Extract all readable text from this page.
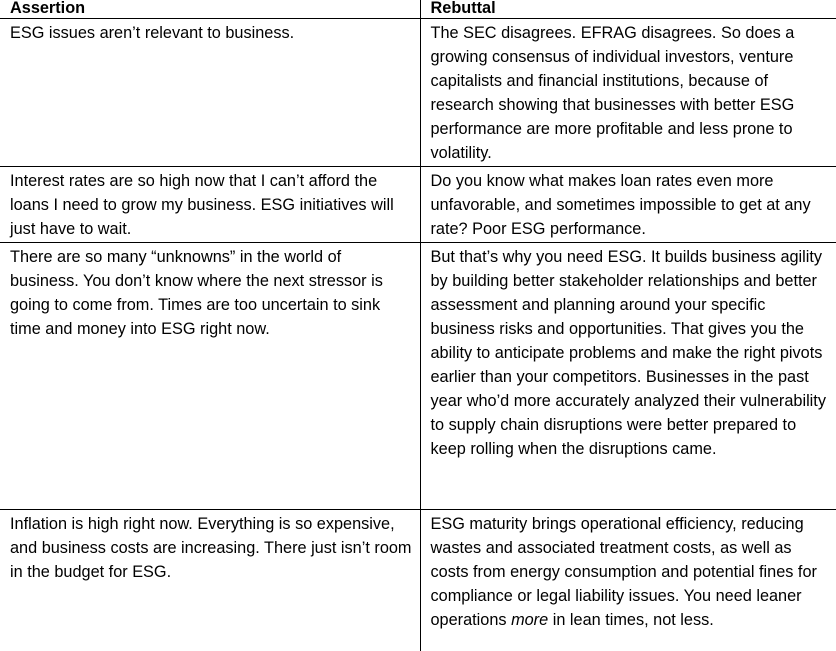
Assertion	Rebuttal
ESG issues aren’t relevant to business.	The SEC disagrees. EFRAG disagrees. So does a growing consensus of individual investors, venture capitalists and financial institutions, because of research showing that businesses with better ESG performance are more profitable and less prone to volatility.
Interest rates are so high now that I can’t afford the loans I need to grow my business. ESG initiatives will just have to wait.	Do you know what makes loan rates even more unfavorable, and sometimes impossible to get at any rate? Poor ESG performance.
There are so many “unknowns” in the world of business. You don’t know where the next stressor is going to come from. Times are too uncertain to sink time and money into ESG right now.	But that’s why you need ESG. It builds business agility by building better stakeholder relationships and better assessment and planning around your specific business risks and opportunities. That gives you the ability to anticipate problems and make the right pivots earlier than your competitors. Businesses in the past year who’d more accurately analyzed their vulnerability to supply chain disruptions were better prepared to keep rolling when the disruptions came.
Inflation is high right now. Everything is so expensive, and business costs are increasing. There just isn’t room in the budget for ESG.	ESG maturity brings operational efficiency, reducing wastes and associated treatment costs, as well as costs from energy consumption and potential fines for compliance or legal liability issues. You need leaner operations more in lean times, not less.
